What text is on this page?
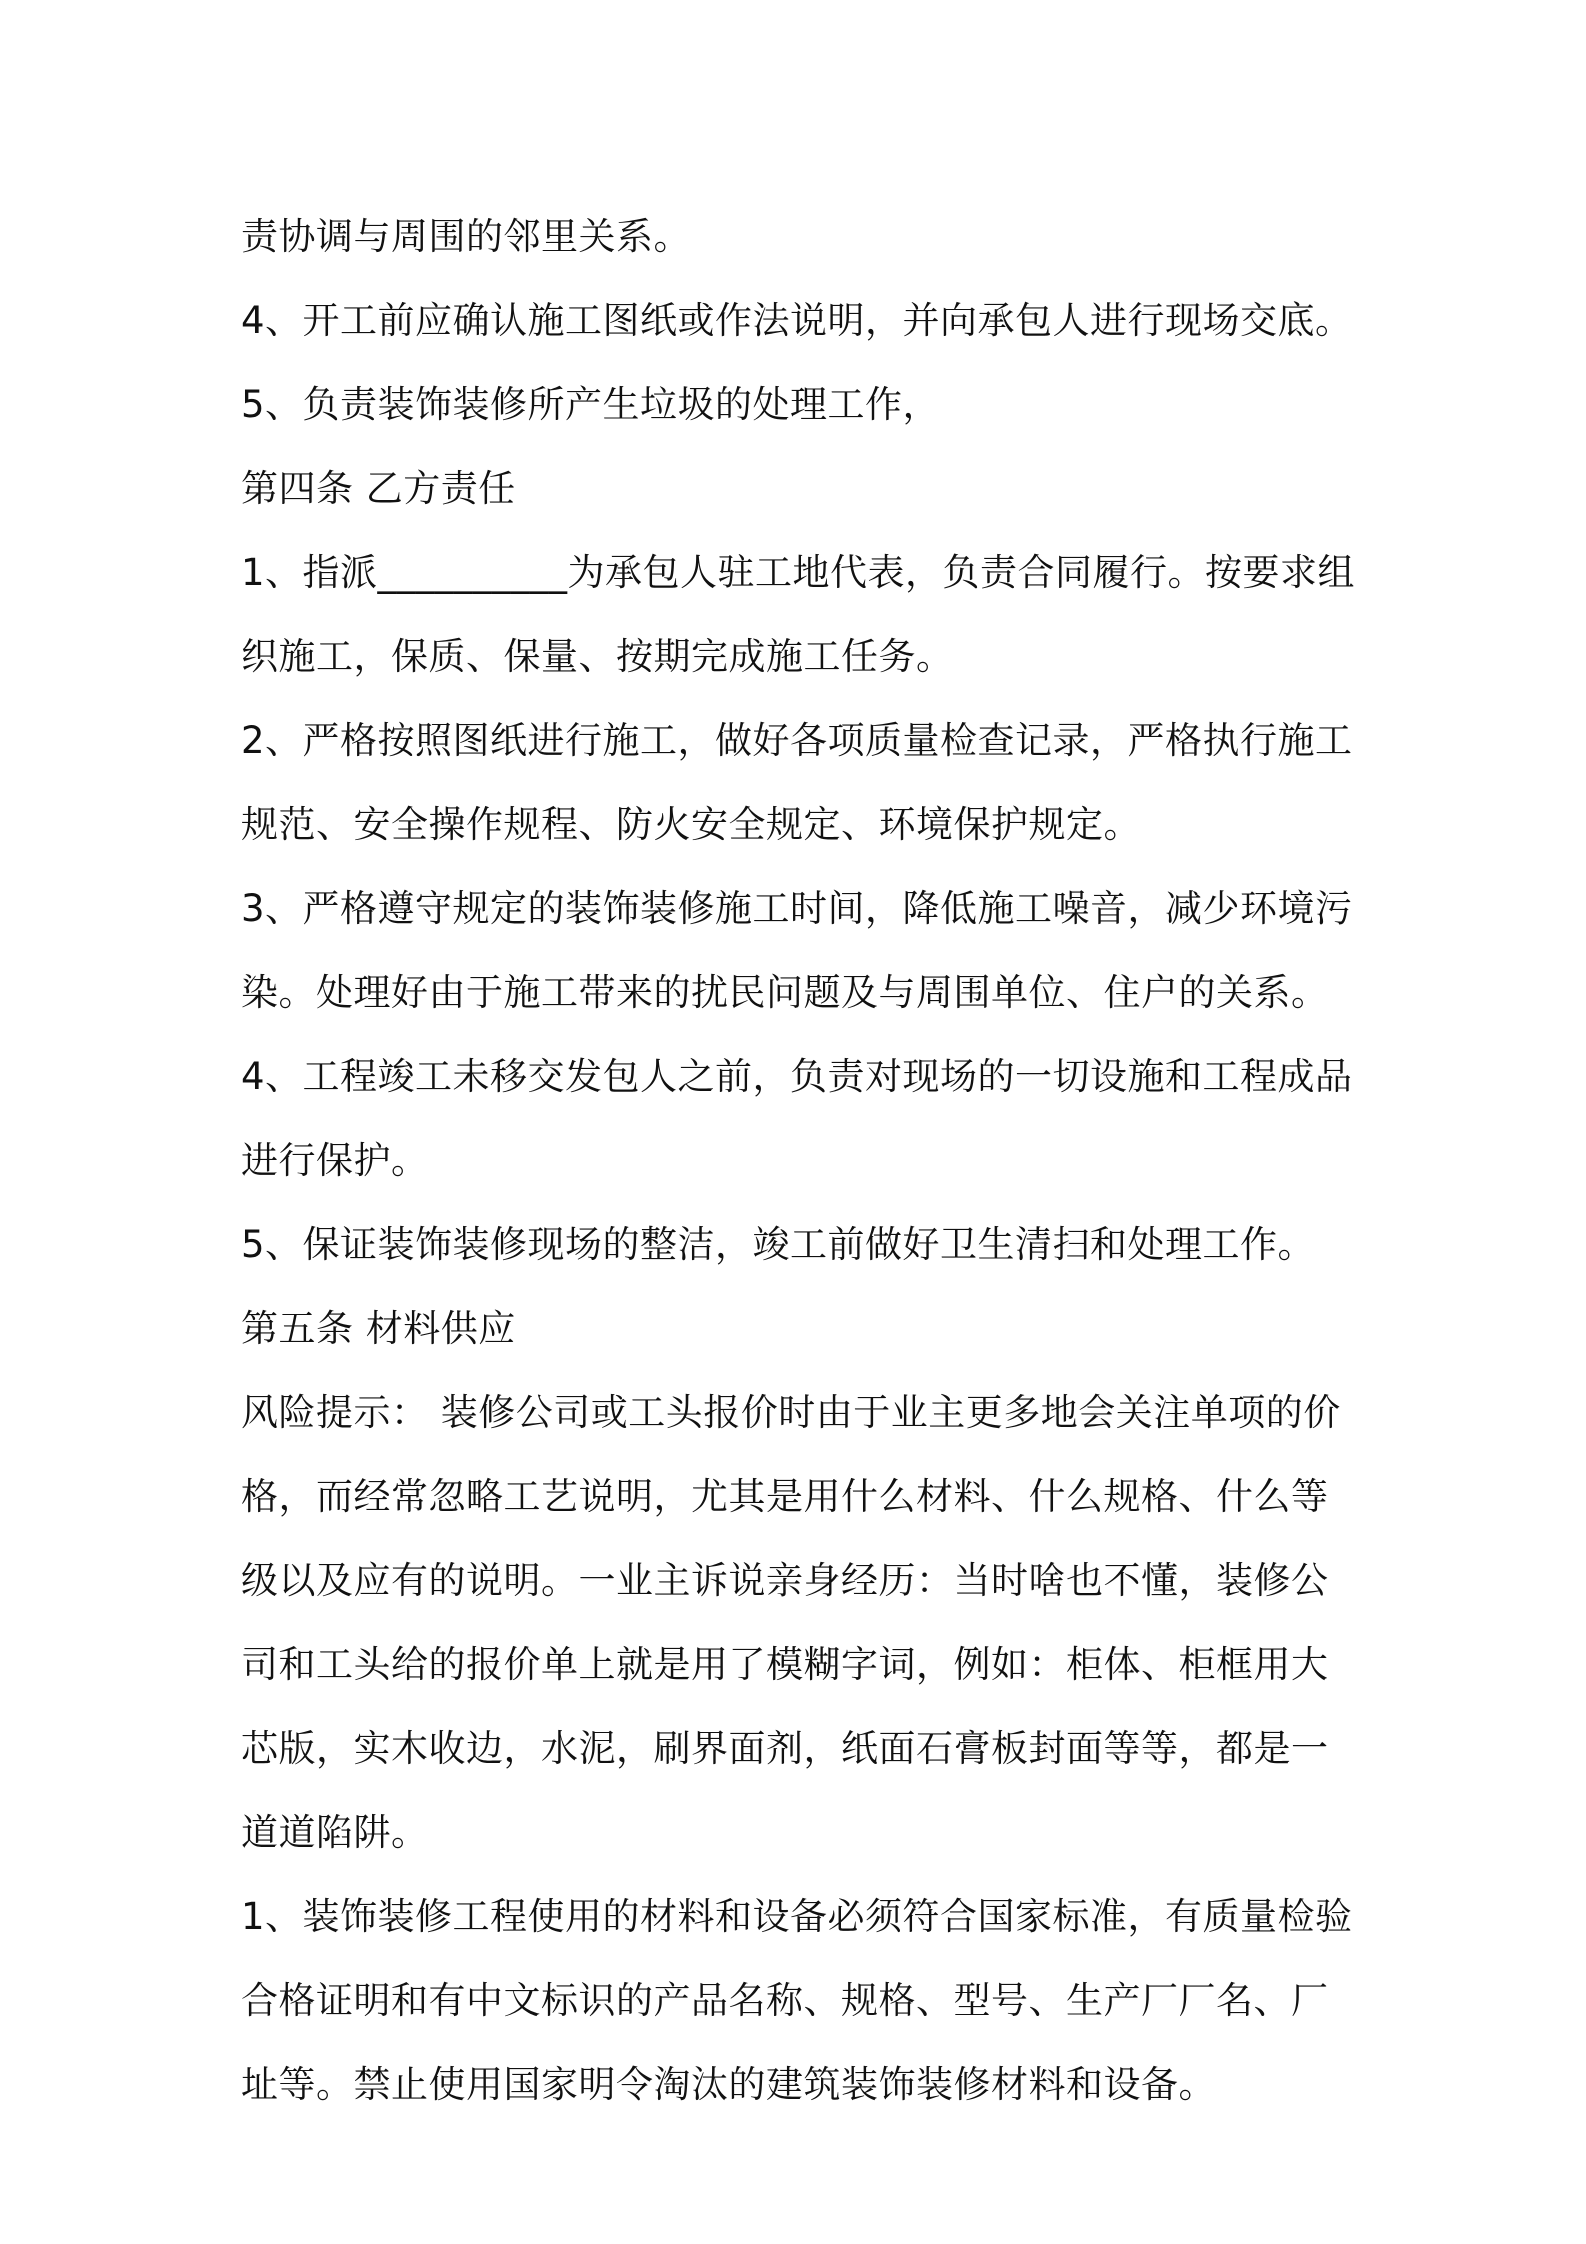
责协调与周围的邻里关系。

4、开工前应确认施工图纸或作法说明，并向承包人进行现场交底。

5、负责装饰装修所产生垃圾的处理工作，

第四条 乙方责任

1、指派__________为承包人驻工地代表，负责合同履行。按要求组织施工，保质、保量、按期完成施工任务。

2、严格按照图纸进行施工，做好各项质量检查记录，严格执行施工规范、安全操作规程、防火安全规定、环境保护规定。

3、严格遵守规定的装饰装修施工时间，降低施工噪音，减少环境污染。处理好由于施工带来的扰民问题及与周围单位、住户的关系。

4、工程竣工未移交发包人之前，负责对现场的一切设施和工程成品进行保护。

5、保证装饰装修现场的整洁，竣工前做好卫生清扫和处理工作。

第五条 材料供应

风险提示： 装修公司或工头报价时由于业主更多地会关注单项的价格，而经常忽略工艺说明，尤其是用什么材料、什么规格、什么等级以及应有的说明。一业主诉说亲身经历：当时啥也不懂，装修公司和工头给的报价单上就是用了模糊字词，例如：柜体、柜框用大芯版，实木收边，水泥，刷界面剂，纸面石膏板封面等等，都是一道道陷阱。

1、装饰装修工程使用的材料和设备必须符合国家标准，有质量检验合格证明和有中文标识的产品名称、规格、型号、生产厂厂名、厂址等。禁止使用国家明令淘汰的建筑装饰装修材料和设备。
